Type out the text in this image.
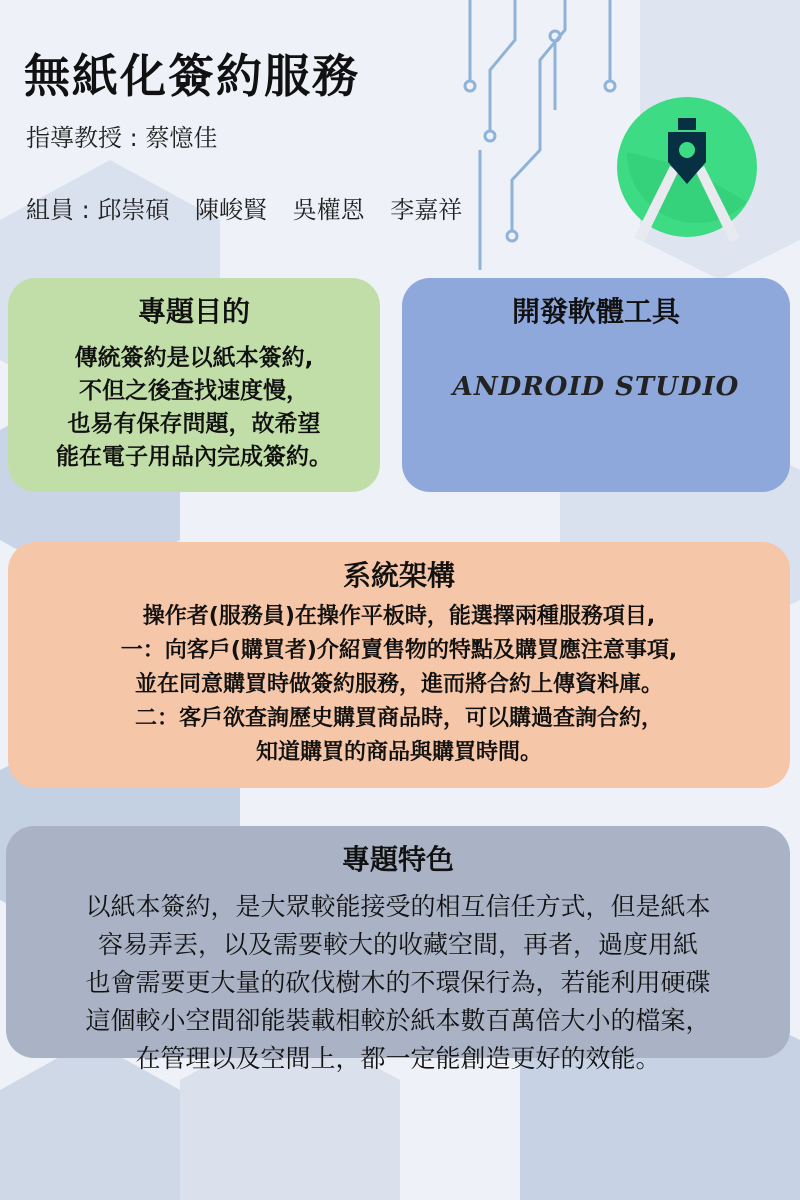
無紙化簽約服務

指導教授 : 蔡憶佳

組員 : 邱崇碩 陳峻賢 吳權恩 李嘉祥

專題目的
傳統簽約是以紙本簽約,
不但之後查找速度慢，
也易有保存問題，故希望
能在電子用品內完成簽約。
開發軟體工具
ANDROID STUDIO
系統架構
操作者(服務員)在操作平板時，能選擇兩種服務項目,
一：向客戶(購買者)介紹賣售物的特點及購買應注意事項,
並在同意購買時做簽約服務，進而將合約上傳資料庫。
二：客戶欲查詢歷史購買商品時，可以購過查詢合約，
知道購買的商品與購買時間。
專題特色
以紙本簽約，是大眾較能接受的相互信任方式，但是紙本
容易弄丟，以及需要較大的收藏空間，再者，過度用紙
也會需要更大量的砍伐樹木的不環保行為，若能利用硬碟
這個較小空間卻能裝載相較於紙本數百萬倍大小的檔案，
在管理以及空間上，都一定能創造更好的效能。
